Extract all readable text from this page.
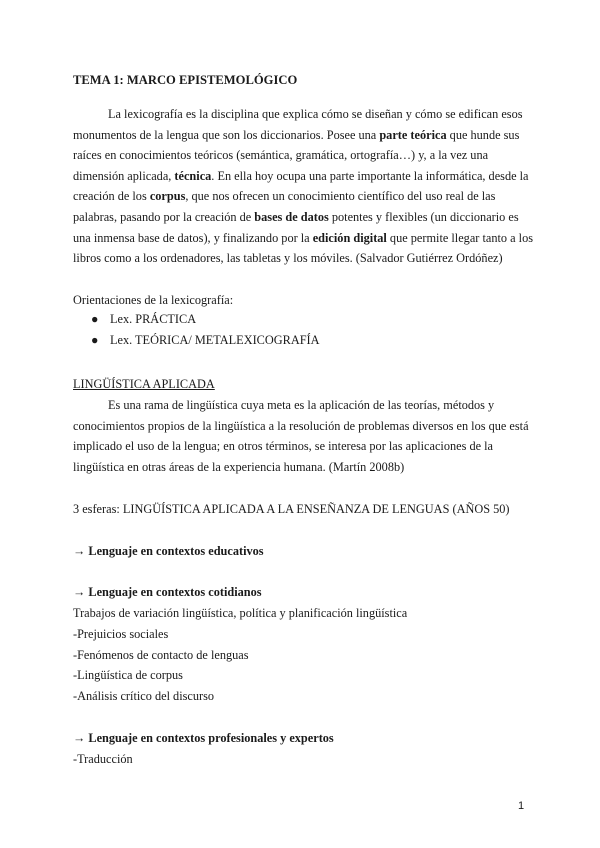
TEMA 1: MARCO EPISTEMOLÓGICO

La lexicografía es la disciplina que explica cómo se diseñan y cómo se edifican esos

monumentos de la lengua que son los diccionarios. Posee una parte teórica que hunde sus

raíces en conocimientos teóricos (semántica, gramática, ortografía…) y, a la vez una

dimensión aplicada, técnica. En ella hoy ocupa una parte importante la informática, desde la

creación de los corpus, que nos ofrecen un conocimiento científico del uso real de las

palabras, pasando por la creación de bases de datos potentes y flexibles (un diccionario es

una inmensa base de datos), y finalizando por la edición digital que permite llegar tanto a los

libros como a los ordenadores, las tabletas y los móviles. (Salvador Gutiérrez Ordóñez)

Orientaciones de la lexicografía:
● Lex. PRÁCTICA
● Lex. TEÓRICA/ METALEXICOGRAFÍA
LINGÜÍSTICA APLICADA
Es una rama de lingüística cuya meta es la aplicación de las teorías, métodos y
conocimientos propios de la lingüística a la resolución de problemas diversos en los que está
implicado el uso de la lengua; en otros términos, se interesa por las aplicaciones de la
lingüística en otras áreas de la experiencia humana. (Martín 2008b)
3 esferas: LINGÜÍSTICA APLICADA A LA ENSEÑANZA DE LENGUAS (AÑOS 50)
→ Lenguaje en contextos educativos
→ Lenguaje en contextos cotidianos
Trabajos de variación lingüística, política y planificación lingüística
-Prejuicios sociales
-Fenómenos de contacto de lenguas
-Lingüística de corpus
-Análisis crítico del discurso
→ Lenguaje en contextos profesionales y expertos
-Traducción
1
